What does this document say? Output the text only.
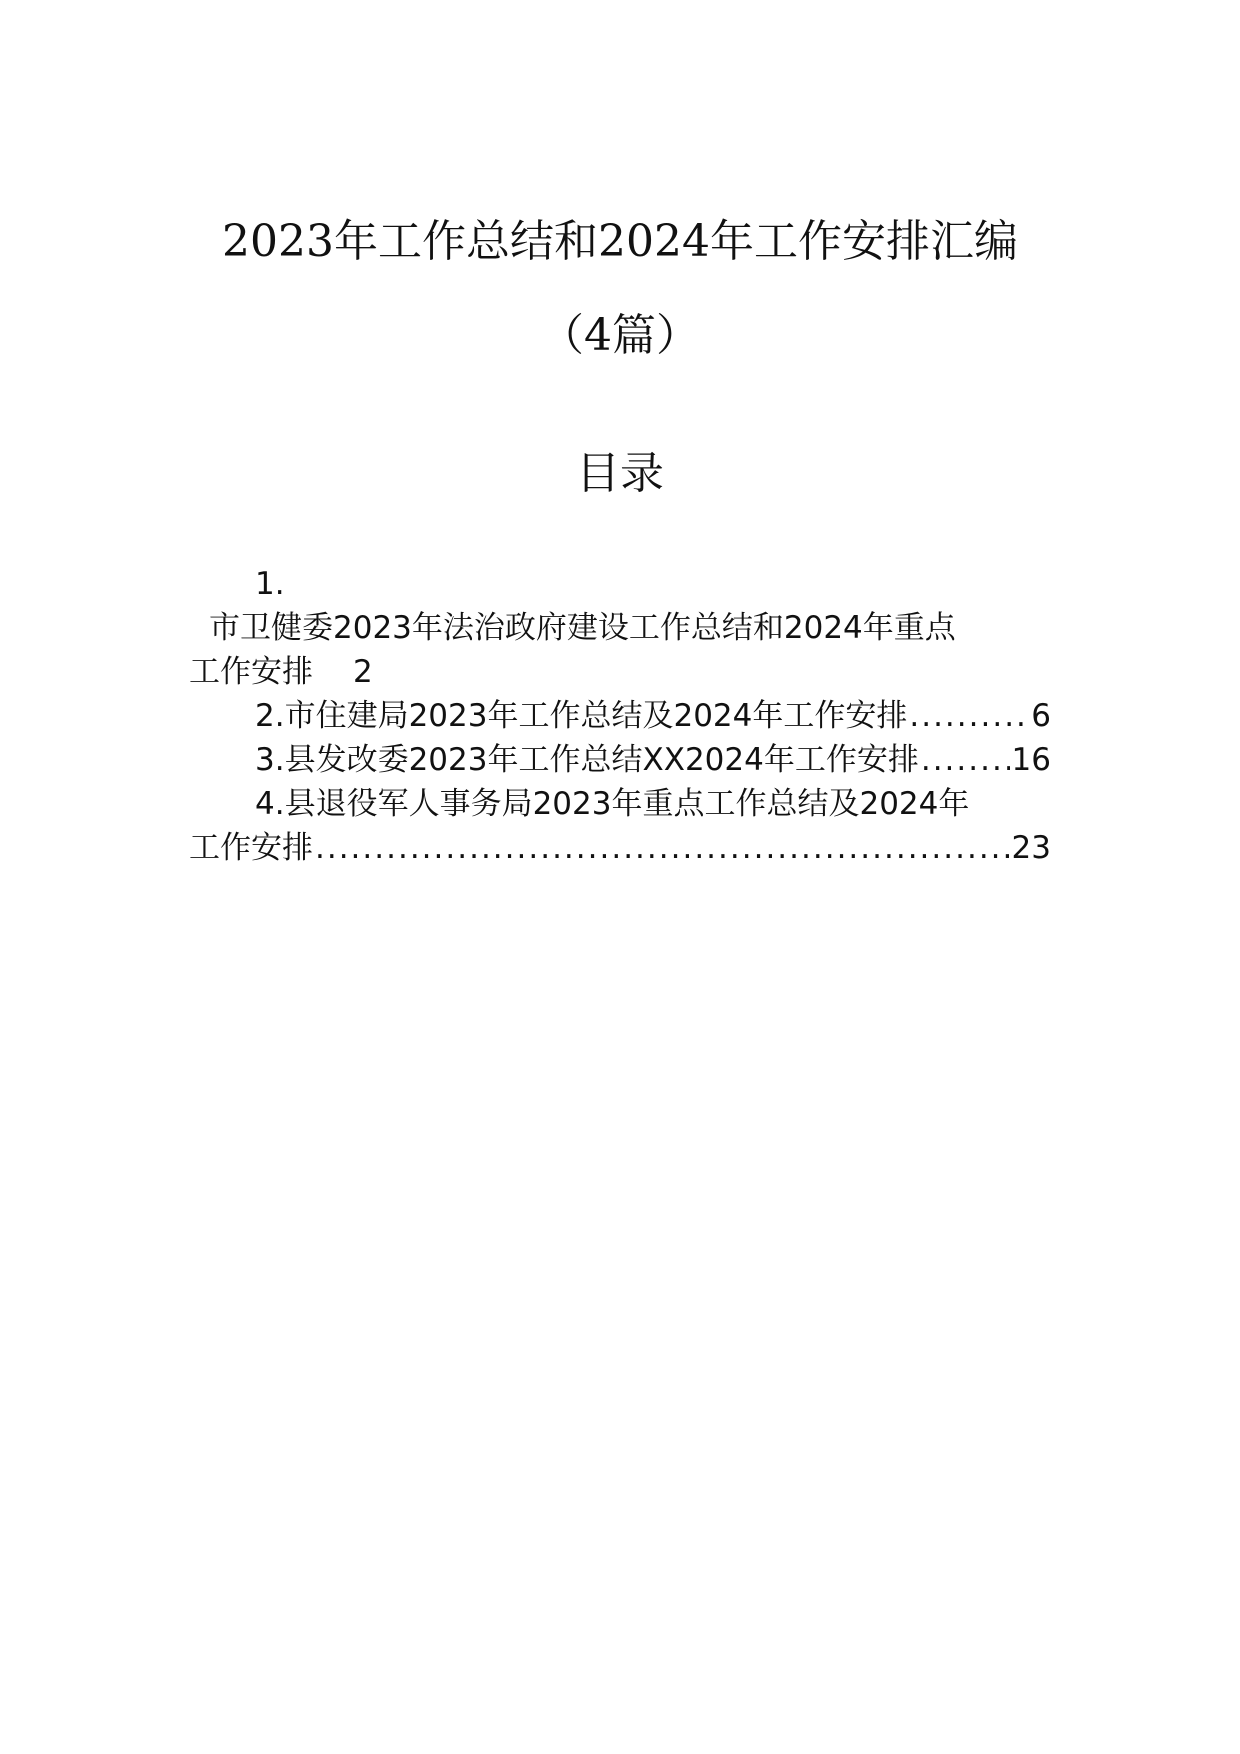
2023年工作总结和2024年工作安排汇编
（4篇）
目录
1.
市卫健委2023年法治政府建设工作总结和2024年重点
工作安排 2
2.市住建局2023年工作总结及2024年工作安排 .....	6
3.县发改委2023年工作总结XX2024年工作安排 .....	16
4.县退役军人事务局2023年重点工作总结及2024年
工作安排 .....	23
